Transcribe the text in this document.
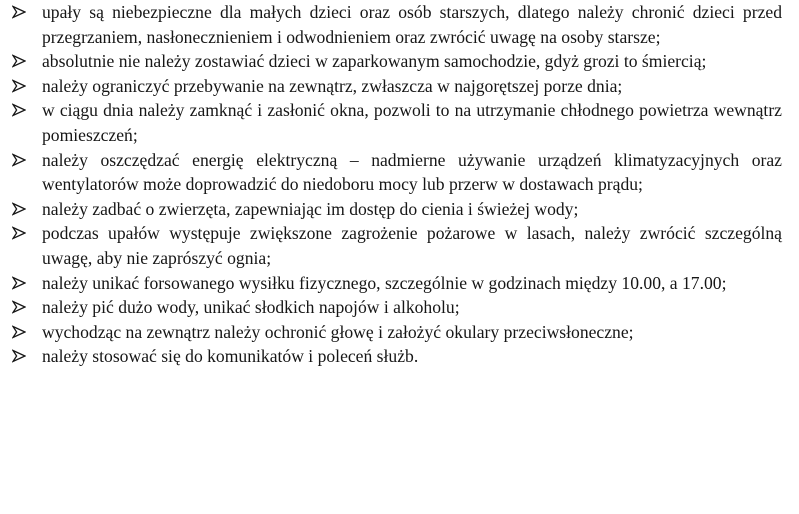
upały są niebezpieczne dla małych dzieci oraz osób starszych, dlatego należy chronić dzieci przed przegrzaniem, nasłonecznieniem i odwodnieniem oraz zwrócić uwagę na osoby starsze;
absolutnie nie należy zostawiać dzieci w zaparkowanym samochodzie, gdyż grozi to śmiercią;
należy ograniczyć przebywanie na zewnątrz, zwłaszcza w najgorętszej porze dnia;
w ciągu dnia należy zamknąć i zasłonić okna, pozwoli to na utrzymanie chłodnego powietrza wewnątrz pomieszczeń;
należy oszczędzać energię elektryczną – nadmierne używanie urządzeń klimatyzacyjnych oraz wentylatorów może doprowadzić do niedoboru mocy lub przerw w dostawach prądu;
należy zadbać o zwierzęta, zapewniając im dostęp do cienia i świeżej wody;
podczas upałów występuje zwiększone zagrożenie pożarowe w lasach, należy zwrócić szczególną uwagę, aby nie zaprószyć ognia;
należy unikać forsowanego wysiłku fizycznego, szczególnie w godzinach między 10.00, a 17.00;
należy pić dużo wody, unikać słodkich napojów i alkoholu;
wychodząc na zewnątrz należy ochronić głowę i założyć okulary przeciwsłoneczne;
należy stosować się do komunikatów i poleceń służb.
